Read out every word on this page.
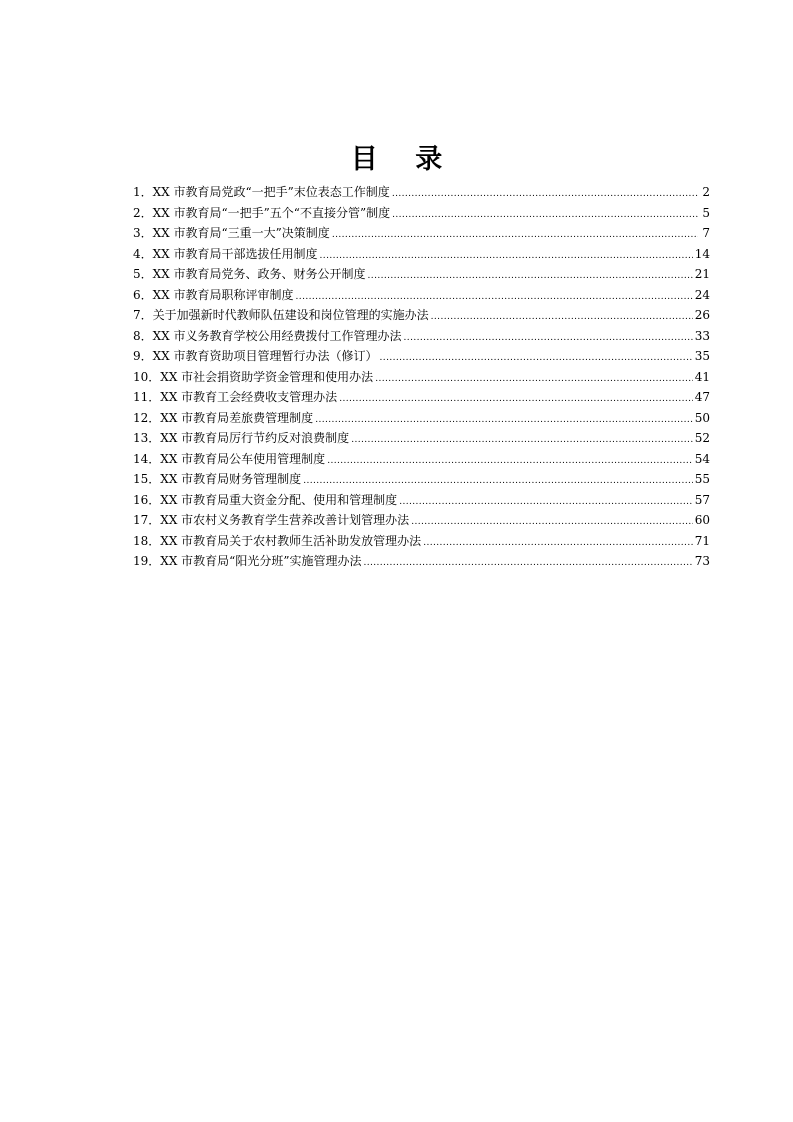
目 录
1． XX 市教育局党政“一把手”末位表态工作制度 .....	2
2． XX 市教育局“一把手”五个“不直接分管”制度 .....	5
3． XX 市教育局“三重一大”决策制度 .....	7
4． XX 市教育局干部选拔任用制度 .....	14
5． XX 市教育局党务、政务、财务公开制度 .....	21
6． XX 市教育局职称评审制度 .....	24
7． 关于加强新时代教师队伍建设和岗位管理的实施办法 .....	26
8． XX 市义务教育学校公用经费拨付工作管理办法 .....	33
9． XX 市教育资助项目管理暂行办法（修订） .....	35
10． XX 市社会捐资助学资金管理和使用办法 .....	41
11． XX 市教育工会经费收支管理办法 .....	47
12． XX 市教育局差旅费管理制度 .....	50
13． XX 市教育局厉行节约反对浪费制度 .....	52
14． XX 市教育局公车使用管理制度 .....	54
15． XX 市教育局财务管理制度 .....	55
16． XX 市教育局重大资金分配、使用和管理制度 .....	57
17． XX 市农村义务教育学生营养改善计划管理办法 .....	60
18． XX 市教育局关于农村教师生活补助发放管理办法 .....	71
19． XX 市教育局“阳光分班”实施管理办法 .....	73
